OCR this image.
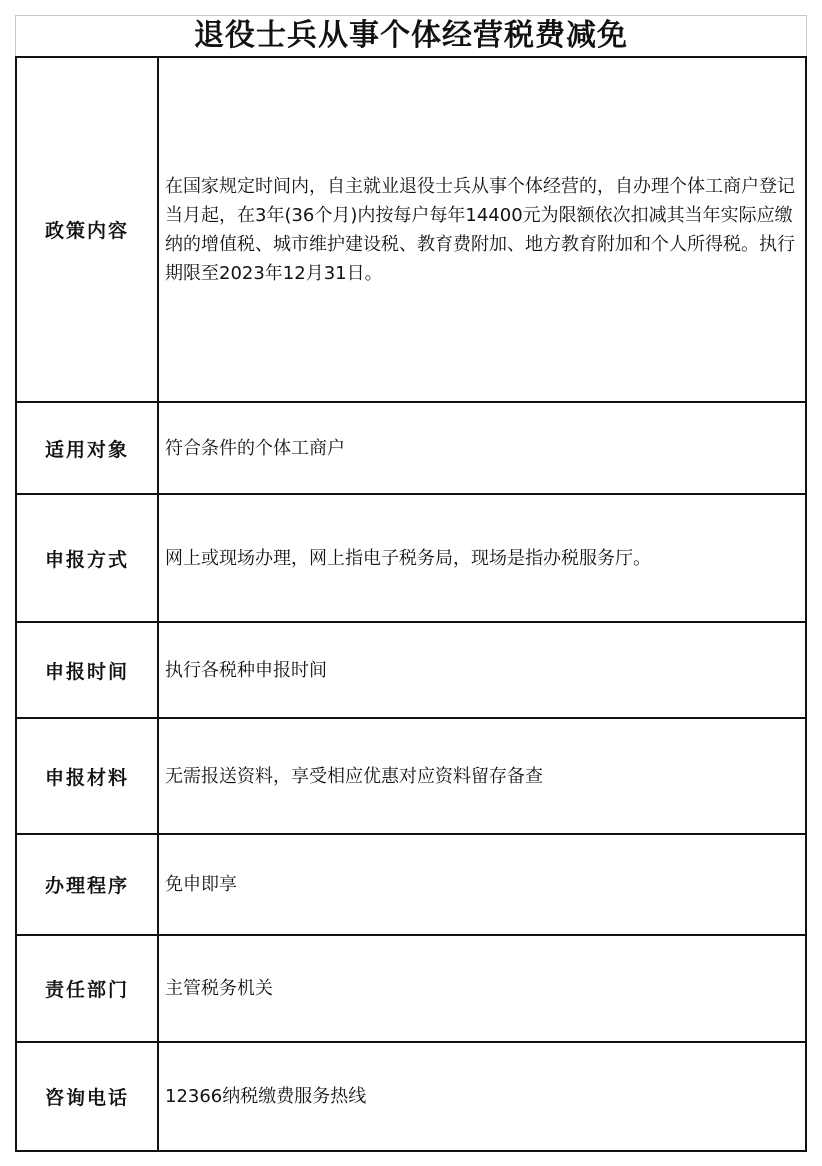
退役士兵从事个体经营税费减免
政策内容	在国家规定时间内，自主就业退役士兵从事个体经营的，自办理个体工商户登记当月起，在3年(36个月)内按每户每年14400元为限额依次扣减其当年实际应缴纳的增值税、城市维护建设税、教育费附加、地方教育附加和个人所得税。执行期限至2023年12月31日。

适用对象	符合条件的个体工商户
申报方式	网上或现场办理，网上指电子税务局，现场是指办税服务厅。
申报时间	执行各税种申报时间
申报材料	无需报送资料，享受相应优惠对应资料留存备查
办理程序	免申即享
责任部门	主管税务机关
咨询电话	12366纳税缴费服务热线
